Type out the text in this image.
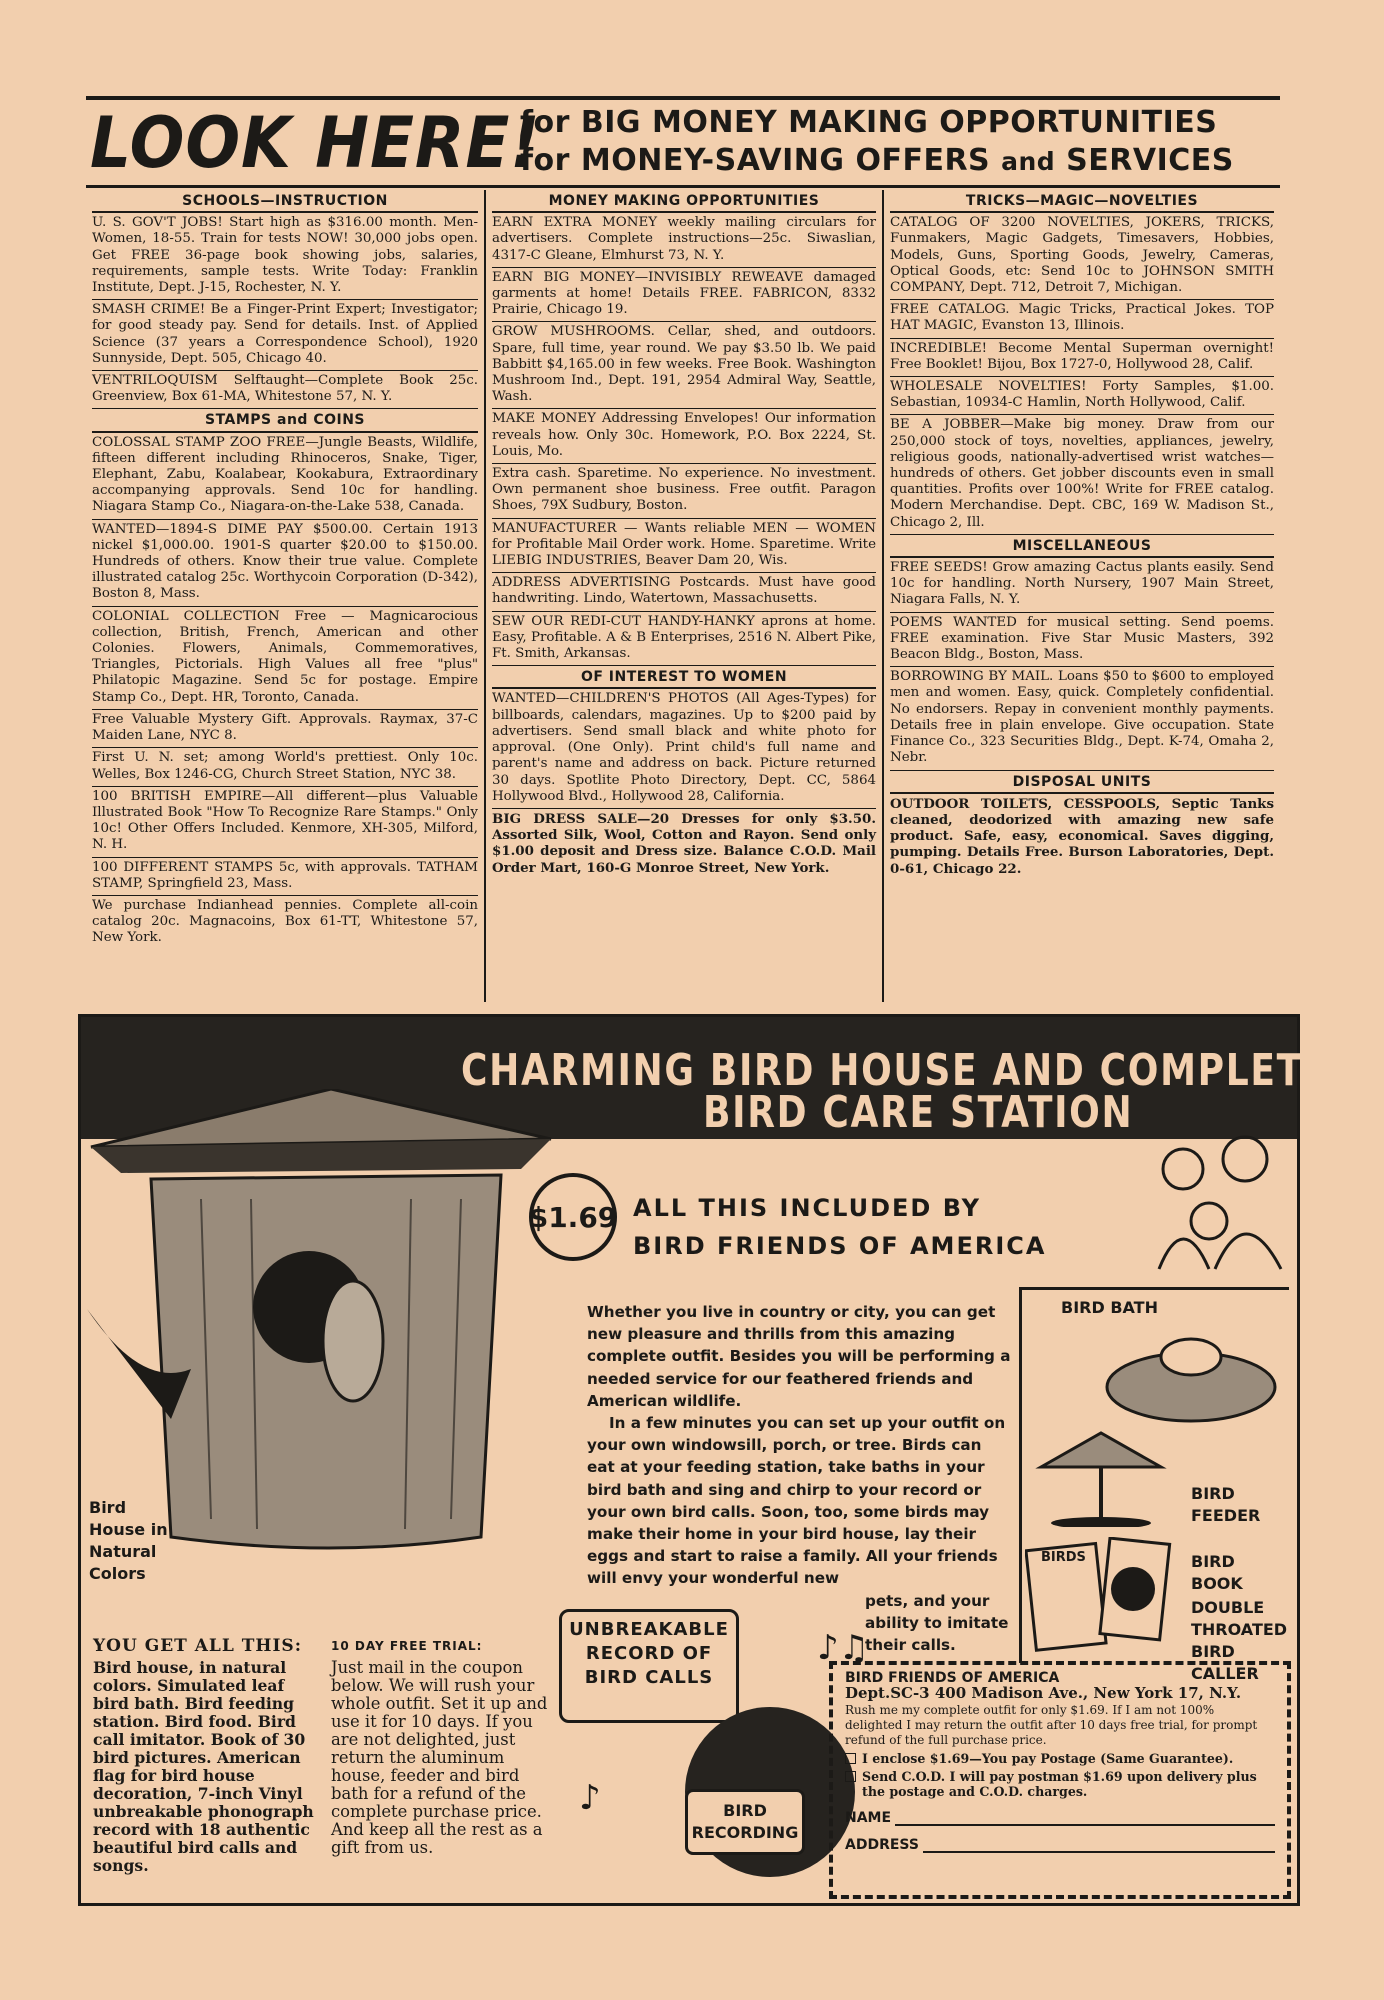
LOOK HERE!
for BIG MONEY MAKING OPPORTUNITIES
for MONEY-SAVING OFFERS and SERVICES
SCHOOLS—INSTRUCTION
U. S. GOV'T JOBS! Start high as $316.00 month. Men-Women, 18-55. Train for tests NOW! 30,000 jobs open. Get FREE 36-page book showing jobs, salaries, requirements, sample tests. Write Today: Franklin Institute, Dept. J-15, Rochester, N. Y.
SMASH CRIME! Be a Finger-Print Expert; Investigator; for good steady pay. Send for details. Inst. of Applied Science (37 years a Correspondence School), 1920 Sunnyside, Dept. 505, Chicago 40.
VENTRILOQUISM Selftaught—Complete Book 25c. Greenview, Box 61-MA, Whitestone 57, N. Y.
STAMPS and COINS
COLOSSAL STAMP ZOO FREE—Jungle Beasts, Wildlife, fifteen different including Rhinoceros, Snake, Tiger, Elephant, Zabu, Koalabear, Kookabura, Extraordinary accompanying approvals. Send 10c for handling. Niagara Stamp Co., Niagara-on-the-Lake 538, Canada.
WANTED—1894-S DIME PAY $500.00. Certain 1913 nickel $1,000.00. 1901-S quarter $20.00 to $150.00. Hundreds of others. Know their true value. Complete illustrated catalog 25c. Worthycoin Corporation (D-342), Boston 8, Mass.
COLONIAL COLLECTION Free — Magnicarocious collection, British, French, American and other Colonies. Flowers, Animals, Commemoratives, Triangles, Pictorials. High Values all free "plus" Philatopic Magazine. Send 5c for postage. Empire Stamp Co., Dept. HR, Toronto, Canada.
Free Valuable Mystery Gift. Approvals. Raymax, 37-C Maiden Lane, NYC 8.
First U. N. set; among World's prettiest. Only 10c. Welles, Box 1246-CG, Church Street Station, NYC 38.
100 BRITISH EMPIRE—All different—plus Valuable Illustrated Book "How To Recognize Rare Stamps." Only 10c! Other Offers Included. Kenmore, XH-305, Milford, N. H.
100 DIFFERENT STAMPS 5c, with approvals. TATHAM STAMP, Springfield 23, Mass.
We purchase Indianhead pennies. Complete all-coin catalog 20c. Magnacoins, Box 61-TT, Whitestone 57, New York.
MONEY MAKING OPPORTUNITIES
EARN EXTRA MONEY weekly mailing circulars for advertisers. Complete instructions—25c. Siwaslian, 4317-C Gleane, Elmhurst 73, N. Y.
EARN BIG MONEY—INVISIBLY REWEAVE damaged garments at home! Details FREE. FABRICON, 8332 Prairie, Chicago 19.
GROW MUSHROOMS. Cellar, shed, and outdoors. Spare, full time, year round. We pay $3.50 lb. We paid Babbitt $4,165.00 in few weeks. Free Book. Washington Mushroom Ind., Dept. 191, 2954 Admiral Way, Seattle, Wash.
MAKE MONEY Addressing Envelopes! Our information reveals how. Only 30c. Homework, P.O. Box 2224, St. Louis, Mo.
Extra cash. Sparetime. No experience. No investment. Own permanent shoe business. Free outfit. Paragon Shoes, 79X Sudbury, Boston.
MANUFACTURER — Wants reliable MEN — WOMEN for Profitable Mail Order work. Home. Sparetime. Write LIEBIG INDUSTRIES, Beaver Dam 20, Wis.
ADDRESS ADVERTISING Postcards. Must have good handwriting. Lindo, Watertown, Massachusetts.
SEW OUR REDI-CUT HANDY-HANKY aprons at home. Easy, Profitable. A & B Enterprises, 2516 N. Albert Pike, Ft. Smith, Arkansas.
OF INTEREST TO WOMEN
WANTED—CHILDREN'S PHOTOS (All Ages-Types) for billboards, calendars, magazines. Up to $200 paid by advertisers. Send small black and white photo for approval. (One Only). Print child's full name and parent's name and address on back. Picture returned 30 days. Spotlite Photo Directory, Dept. CC, 5864 Hollywood Blvd., Hollywood 28, California.
BIG DRESS SALE—20 Dresses for only $3.50. Assorted Silk, Wool, Cotton and Rayon. Send only $1.00 deposit and Dress size. Balance C.O.D. Mail Order Mart, 160-G Monroe Street, New York.
TRICKS—MAGIC—NOVELTIES
CATALOG OF 3200 NOVELTIES, JOKERS, TRICKS, Funmakers, Magic Gadgets, Timesavers, Hobbies, Models, Guns, Sporting Goods, Jewelry, Cameras, Optical Goods, etc: Send 10c to JOHNSON SMITH COMPANY, Dept. 712, Detroit 7, Michigan.
FREE CATALOG. Magic Tricks, Practical Jokes. TOP HAT MAGIC, Evanston 13, Illinois.
INCREDIBLE! Become Mental Superman overnight! Free Booklet! Bijou, Box 1727-0, Hollywood 28, Calif.
WHOLESALE NOVELTIES! Forty Samples, $1.00. Sebastian, 10934-C Hamlin, North Hollywood, Calif.
BE A JOBBER—Make big money. Draw from our 250,000 stock of toys, novelties, appliances, jewelry, religious goods, nationally-advertised wrist watches—hundreds of others. Get jobber discounts even in small quantities. Profits over 100%! Write for FREE catalog. Modern Merchandise. Dept. CBC, 169 W. Madison St., Chicago 2, Ill.
MISCELLANEOUS
FREE SEEDS! Grow amazing Cactus plants easily. Send 10c for handling. North Nursery, 1907 Main Street, Niagara Falls, N. Y.
POEMS WANTED for musical setting. Send poems. FREE examination. Five Star Music Masters, 392 Beacon Bldg., Boston, Mass.
BORROWING BY MAIL. Loans $50 to $600 to employed men and women. Easy, quick. Completely confidential. No endorsers. Repay in convenient monthly payments. Details free in plain envelope. Give occupation. State Finance Co., 323 Securities Bldg., Dept. K-74, Omaha 2, Nebr.
DISPOSAL UNITS
OUTDOOR TOILETS, CESSPOOLS, Septic Tanks cleaned, deodorized with amazing new safe product. Safe, easy, economical. Saves digging, pumping. Details Free. Burson Laboratories, Dept. 0-61, Chicago 22.
CHARMING BIRD HOUSE AND COMPLETE
BIRD CARE STATION
Bird House in Natural Colors
$1.69 ALL THIS INCLUDED BY
BIRD FRIENDS OF AMERICA

Whether you live in country or city, you can get new pleasure and thrills from this amazing complete outfit. Besides you will be performing a needed service for our feathered friends and American wildlife.

In a few minutes you can set up your outfit on your own windowsill, porch, or tree. Birds can eat at your feeding station, take baths in your bird bath and sing and chirp to your record or your own bird calls. Soon, too, some birds may make their home in your bird house, lay their eggs and start to raise a family. All your friends will envy your wonderful new

pets, and your ability to imitate their calls.

BIRD BATH
BIRD FEEDER
BIRDS	BIRD BOOK
DOUBLE THROATED BIRD CALLER
YOU GET ALL THIS:
Bird house, in natural colors. Simulated leaf bird bath. Bird feeding station. Bird food. Bird call imitator. Book of 30 bird pictures. American flag for bird house decoration, 7-inch Vinyl unbreakable phonograph record with 18 authentic beautiful bird calls and songs.
10 DAY FREE TRIAL:
Just mail in the coupon below. We will rush your whole outfit. Set it up and use it for 10 days. If you are not delighted, just return the aluminum house, feeder and bird bath for a refund of the complete purchase price. And keep all the rest as a gift from us.
UNBREAKABLE RECORD OF BIRD CALLS
♪♫
♪	BIRD RECORDING
BIRD FRIENDS OF AMERICA
Dept.SC-3 400 Madison Ave., New York 17, N.Y.
Rush me my complete outfit for only $1.69. If I am not 100% delighted I may return the outfit after 10 days free trial, for prompt refund of the full purchase price.
I enclose $1.69—You pay Postage (Same Guarantee).
Send C.O.D. I will pay postman $1.69 upon delivery plus the postage and C.O.D. charges.
NAME
ADDRESS
